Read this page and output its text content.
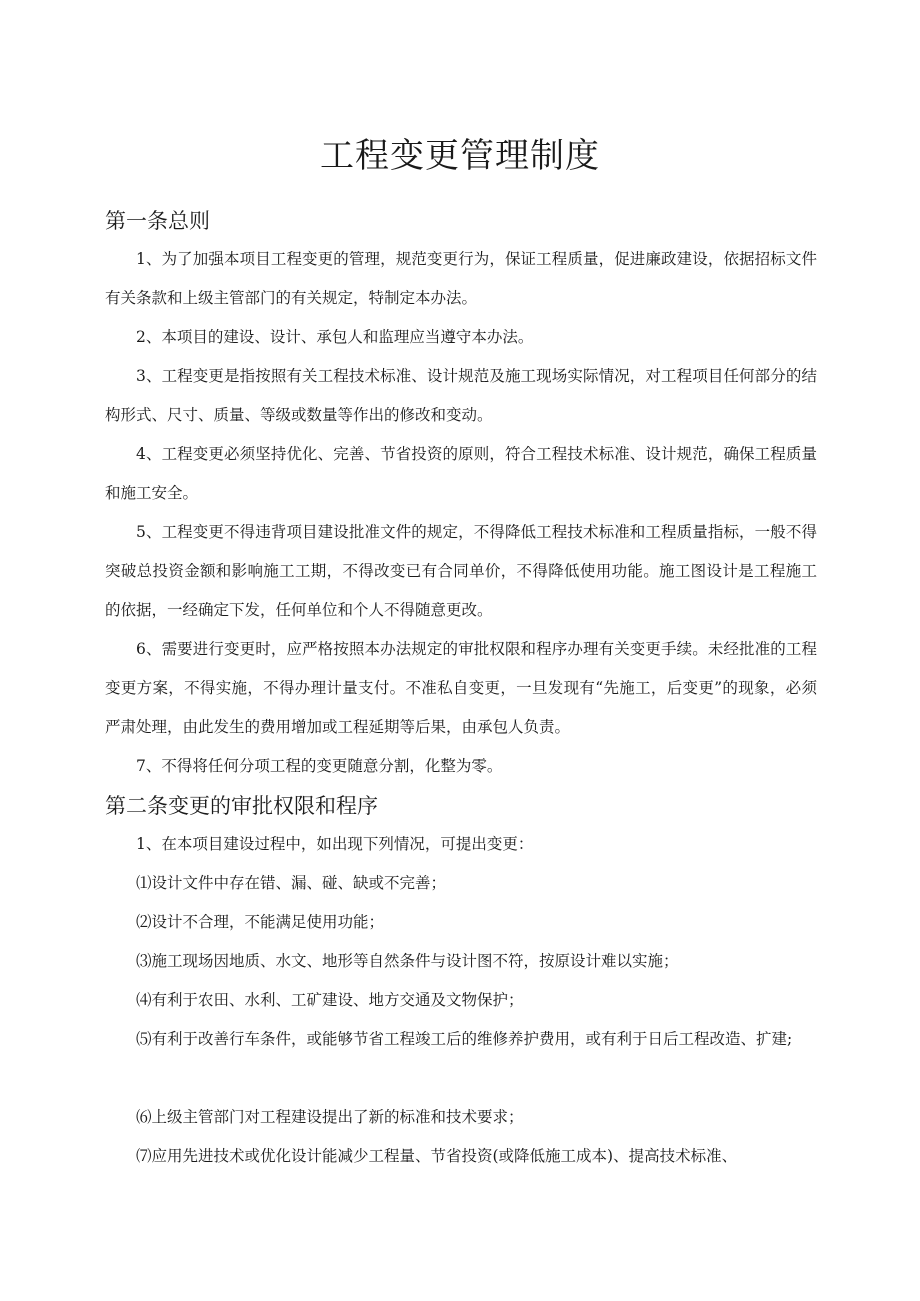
工程变更管理制度
第一条总则

1、为了加强本项目工程变更的管理，规范变更行为，保证工程质量，促进廉政建设，依据招标文件有关条款和上级主管部门的有关规定，特制定本办法。

2、本项目的建设、设计、承包人和监理应当遵守本办法。

3、工程变更是指按照有关工程技术标准、设计规范及施工现场实际情况，对工程项目任何部分的结构形式、尺寸、质量、等级或数量等作出的修改和变动。

4、工程变更必须坚持优化、完善、节省投资的原则，符合工程技术标准、设计规范，确保工程质量和施工安全。

5、工程变更不得违背项目建设批准文件的规定，不得降低工程技术标准和工程质量指标，一般不得突破总投资金额和影响施工工期，不得改变已有合同单价，不得降低使用功能。施工图设计是工程施工的依据，一经确定下发，任何单位和个人不得随意更改。

6、需要进行变更时，应严格按照本办法规定的审批权限和程序办理有关变更手续。未经批准的工程变更方案，不得实施，不得办理计量支付。不准私自变更，一旦发现有“先施工，后变更”的现象，必须严肃处理，由此发生的费用增加或工程延期等后果，由承包人负责。

7、不得将任何分项工程的变更随意分割，化整为零。

第二条变更的审批权限和程序

1、在本项目建设过程中，如出现下列情况，可提出变更：

⑴设计文件中存在错、漏、碰、缺或不完善；

⑵设计不合理，不能满足使用功能；

⑶施工现场因地质、水文、地形等自然条件与设计图不符，按原设计难以实施；

⑷有利于农田、水利、工矿建设、地方交通及文物保护；

⑸有利于改善行车条件，或能够节省工程竣工后的维修养护费用，或有利于日后工程改造、扩建;

⑹上级主管部门对工程建设提出了新的标准和技术要求；

⑺应用先进技术或优化设计能减少工程量、节省投资(或降低施工成本)、提高技术标准、
